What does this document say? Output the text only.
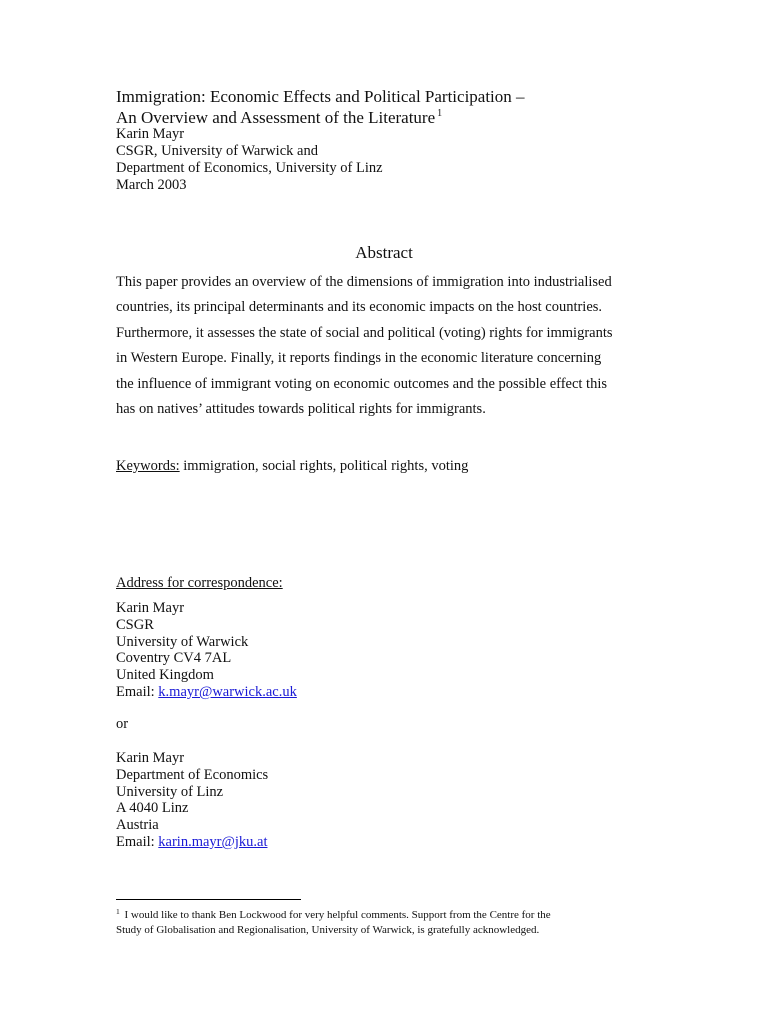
Immigration: Economic Effects and Political Participation –
An Overview and Assessment of the Literature $^1$
Karin Mayr
CSGR, University of Warwick and
Department of Economics, University of Linz
March 2003
Abstract
This paper provides an overview of the dimensions of immigration into industrialised
countries, its principal determinants and its economic impacts on the host countries.
Furthermore, it assesses the state of social and political (voting) rights for immigrants
in Western Europe. Finally, it reports findings in the economic literature concerning
the influence of immigrant voting on economic outcomes and the possible effect this
has on natives’ attitudes towards political rights for immigrants.
Keywords: immigration, social rights, political rights, voting
Address for correspondence:
Karin Mayr
CSGR
University of Warwick
Coventry CV4 7AL
United Kingdom
Email: k.mayr@warwick.ac.uk
or
Karin Mayr
Department of Economics
University of Linz
A 4040 Linz
Austria
Email: karin.mayr@jku.at
$^1$ I would like to thank Ben Lockwood for very helpful comments. Support from the Centre for the
Study of Globalisation and Regionalisation, University of Warwick, is gratefully acknowledged.
